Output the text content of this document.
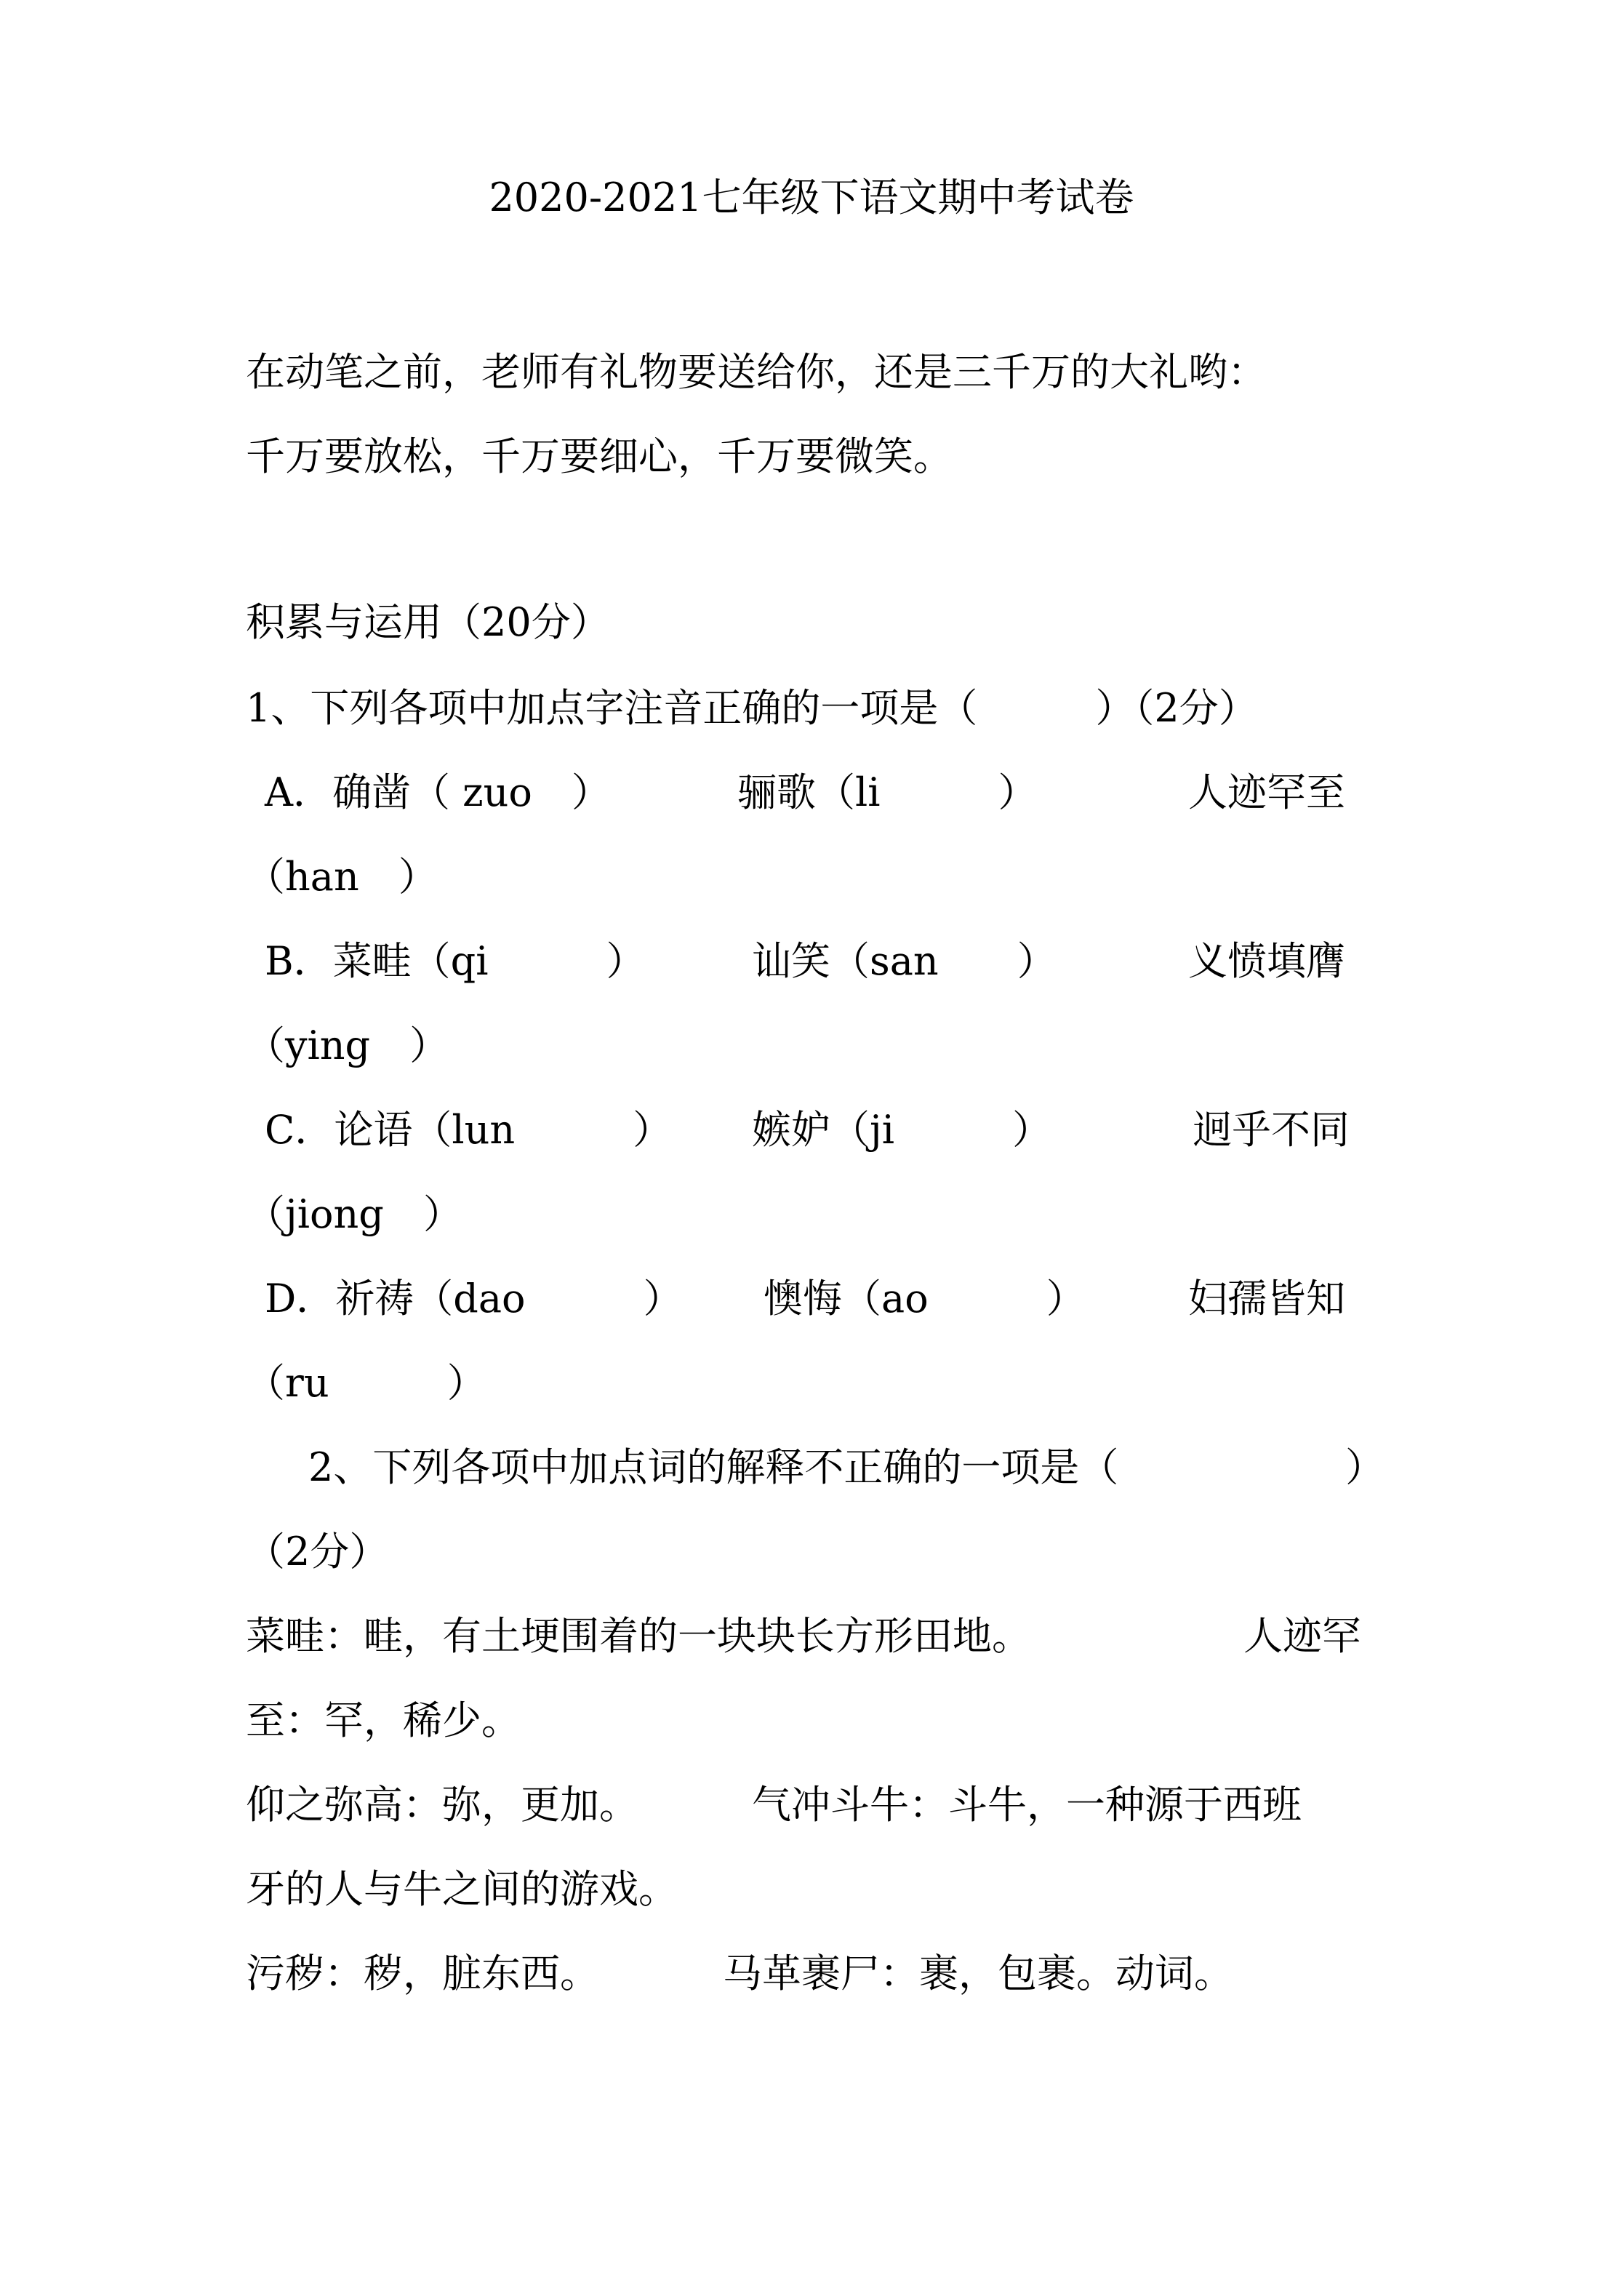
2020-2021七年级下语文期中考试卷
在动笔之前，老师有礼物要送给你，还是三千万的大礼哟：
千万要放松，千万要细心，千万要微笑。
积累与运用（20分）
1、下列各项中加点字注音正确的一项是（　　　）（2分）
A．确凿（ zuo　）	骊歌（li　　　）	人迹罕至
（han　）
B．菜畦（qi　　　）	讪笑（san　　）	义愤填膺
（ying　）
C．论语（lun　　　） 嫉妒（ji　　　）	迥乎不同
（jiong　）
D．祈祷（dao　　　） 懊悔（ao　　　）	妇孺皆知
（ru　　　）
2、下列各项中加点词的解释不正确的一项是（	）
（2分）
菜畦：畦，有土埂围着的一块块长方形田地。	人迹罕
至：罕，稀少。
仰之弥高：弥，更加。	气冲斗牛：斗牛，一种源于西班
牙的人与牛之间的游戏。
污秽：秽，脏东西。	马革裹尸：裹，包裹。动词。
